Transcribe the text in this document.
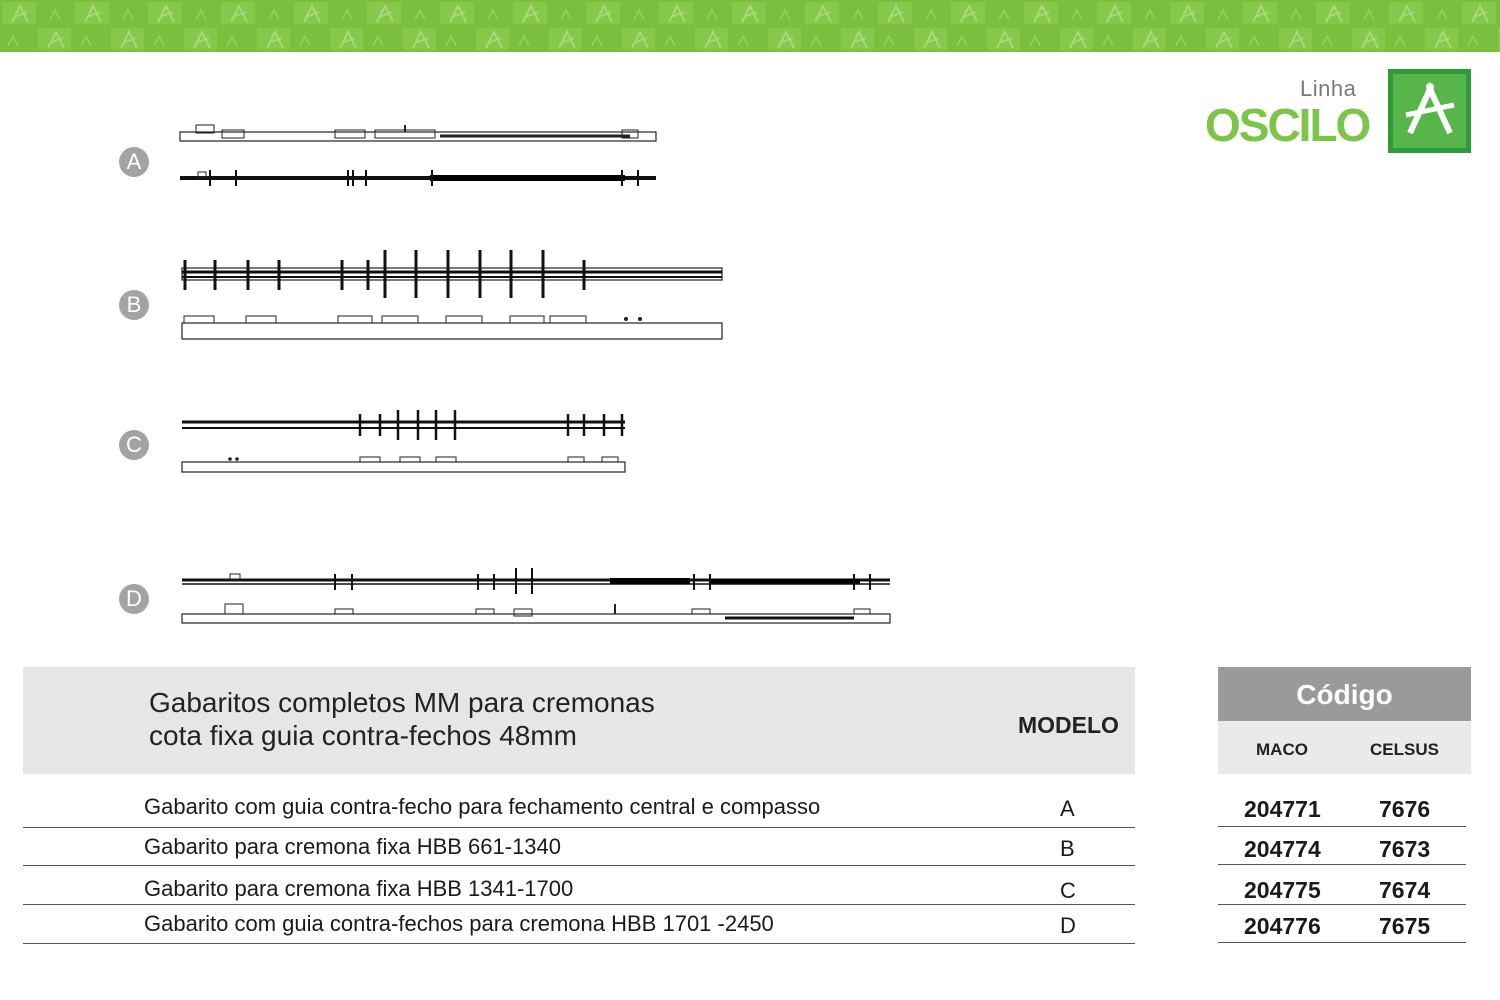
Linha
OSCILO
A
B
C
D
Gabaritos completos MM para cremonas
cota fixa guia contra-fechos 48mm	MODELO
Código
MACO	CELSUS
Gabarito com guia contra-fecho para fechamento central e compasso	A
Gabarito para cremona fixa HBB 661-1340	B
Gabarito para cremona fixa HBB 1341-1700	C
Gabarito com guia contra-fechos para cremona HBB 1701 -2450	D
204771	7676
204774	7673
204775	7674
204776	7675
